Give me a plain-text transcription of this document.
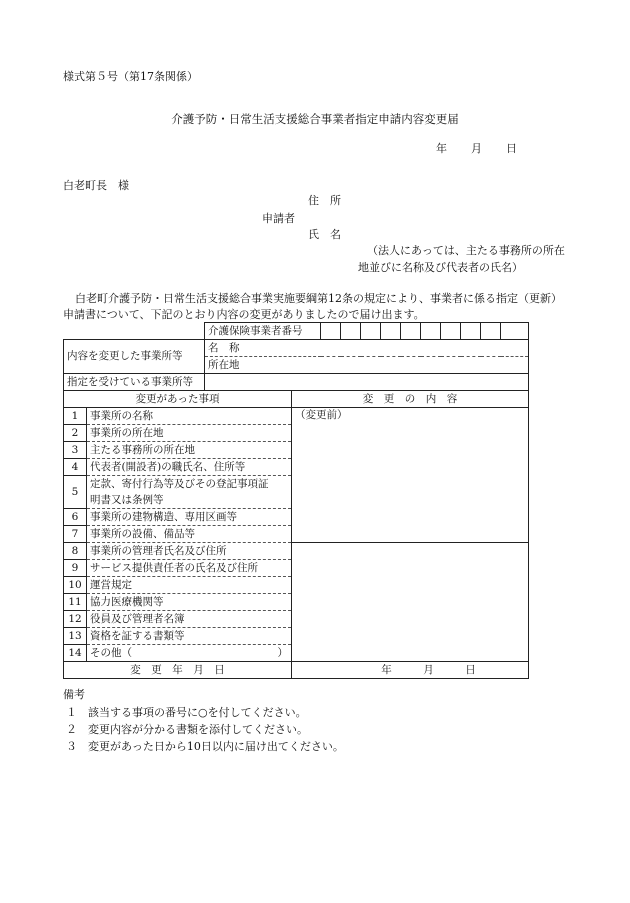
様式第５号（第17条関係）
介護予防・日常生活支援総合事業者指定申請内容変更届
年 月 日
白老町長　様
住　所
申請者
氏　名
（法人にあっては、主たる事務所の所在
地並びに名称及び代表者の氏名）
白老町介護予防・日常生活支援総合事業実施要綱第12条の規定により、事業者に係る指定（更新）
申請書について、下記のとおり内容の変更がありましたので届け出ます。
	介護保険事業者番号										
内容を変更した事業所等	名　称										
	所在地										
指定を受けている事業所等											
変更があった事項		変　更　の　内　容	
1	事業所の名称	（変更前）	
2	事業所の所在地		
3	主たる事務所の所在地		
4	代表者(開設者)の職氏名、住所等		
5	定款、寄付行為等及びその登記事項証
明書又は条例等		

6	事業所の建物構造、専用区画等		
7	事業所の設備、備品等	
8	事業所の管理者氏名及び住所		
9	サービス提供責任者の氏名及び住所		
10	運営規定		
11	協力医療機関等		
12	役員及び管理者名簿		
13	資格を証する書類等		
14	その他（ ）		

変　更　年　月　日		年　　　月　　　日	
備考
１ 該当する事項の番号に○を付してください。
２ 変更内容が分かる書類を添付してください。
３ 変更があった日から10日以内に届け出てください。
